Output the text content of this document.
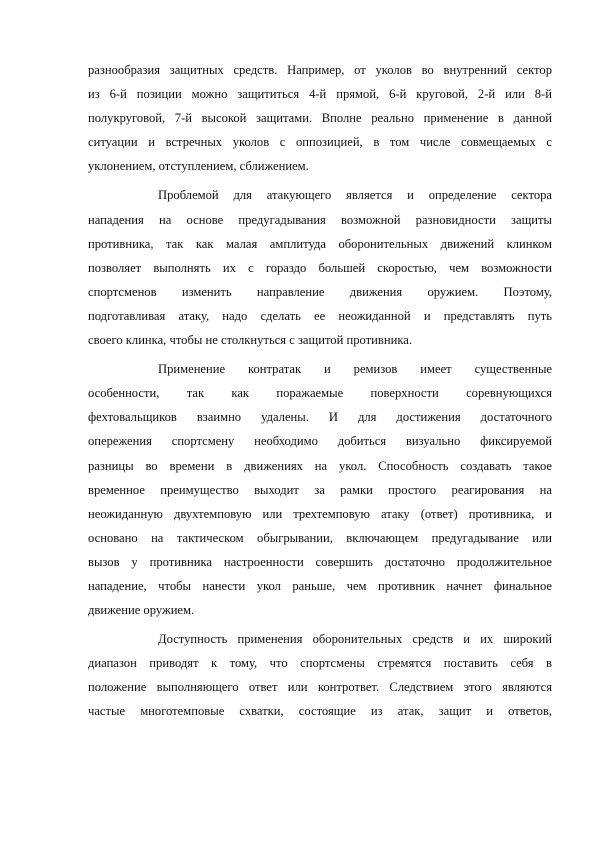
разнообразия защитных средств. Например, от уколов во внутренний сектор
из 6-й позиции можно защититься 4-й прямой, 6-й круговой, 2-й или 8-й
полукруговой, 7-й высокой защитами. Вполне реально применение в данной
ситуации и встречных уколов с оппозицией, в том числе совмещаемых с
уклонением, отступлением, сближением.
Проблемой для атакующего является и определение сектора
нападения на основе предугадывания возможной разновидности защиты
противника, так как малая амплитуда оборонительных движений клинком
позволяет выполнять их с гораздо большей скоростью, чем возможности
спортсменов изменить направление движения оружием. Поэтому,
подготавливая атаку, надо сделать ее неожиданной и представлять путь
своего клинка, чтобы не столкнуться с защитой противника.
Применение контратак и ремизов имеет существенные
особенности, так как поражаемые поверхности соревнующихся
фехтовальщиков взаимно удалены. И для достижения достаточного
опережения спортсмену необходимо добиться визуально фиксируемой
разницы во времени в движениях на укол. Способность создавать такое
временное преимущество выходит за рамки простого реагирования на
неожиданную двухтемповую или трехтемповую атаку (ответ) противника, и
основано на тактическом обыгрывании, включающем предугадывание или
вызов у противника настроенности совершить достаточно продолжительное
нападение, чтобы нанести укол раньше, чем противник начнет финальное
движение оружием.
Доступность применения оборонительных средств и их широкий
диапазон приводят к тому, что спортсмены стремятся поставить себя в
положение выполняющего ответ или контрответ. Следствием этого являются
частые многотемповые схватки, состоящие из атак, защит и ответов,
